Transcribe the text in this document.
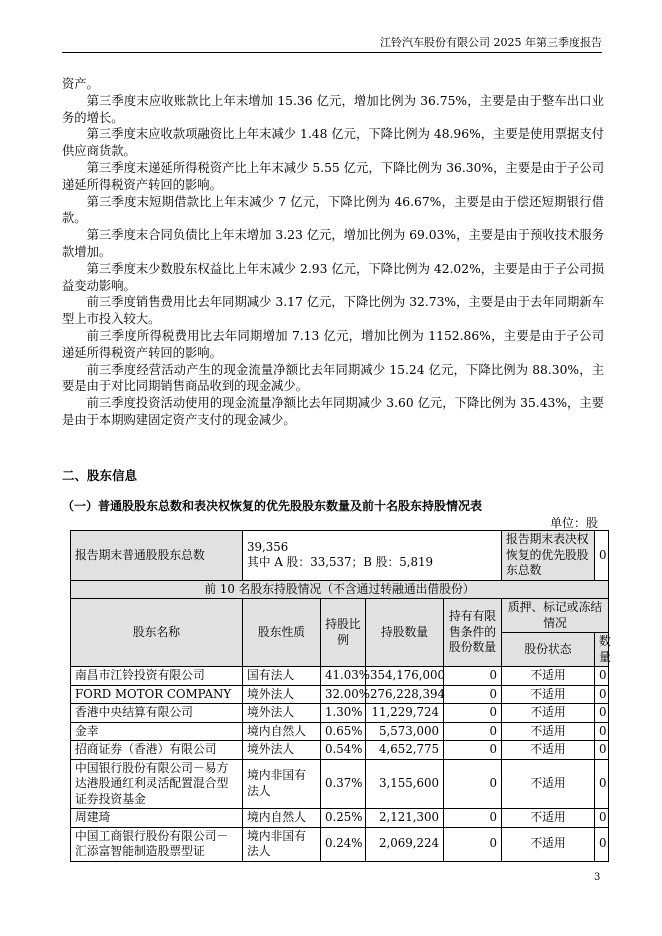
江铃汽车股份有限公司 2025 年第三季度报告

资产。

第三季度末应收账款比上年末增加 15.36 亿元，增加比例为 36.75%，主要是由于整车出口业务的增长。

第三季度末应收款项融资比上年末减少 1.48 亿元，下降比例为 48.96%，主要是使用票据支付供应商货款。

第三季度末递延所得税资产比上年末减少 5.55 亿元，下降比例为 36.30%，主要是由于子公司递延所得税资产转回的影响。

第三季度末短期借款比上年末减少 7 亿元，下降比例为 46.67%，主要是由于偿还短期银行借款。

第三季度末合同负债比上年末增加 3.23 亿元，增加比例为 69.03%，主要是由于预收技术服务款增加。

第三季度末少数股东权益比上年末减少 2.93 亿元，下降比例为 42.02%，主要是由于子公司损益变动影响。

前三季度销售费用比去年同期减少 3.17 亿元，下降比例为 32.73%，主要是由于去年同期新车型上市投入较大。

前三季度所得税费用比去年同期增加 7.13 亿元，增加比例为 1152.86%，主要是由于子公司递延所得税资产转回的影响。

前三季度经营活动产生的现金流量净额比去年同期减少 15.24 亿元，下降比例为 88.30%，主要是由于对比同期销售商品收到的现金减少。

前三季度投资活动使用的现金流量净额比去年同期减少 3.60 亿元，下降比例为 35.43%，主要是由于本期购建固定资产支付的现金减少。

二、股东信息
（一）普通股股东总数和表决权恢复的优先股股东数量及前十名股东持股情况表
单位：股
报告期末普通股股东总数	39,356
其中 A 股：33,537；B 股：5,819				报告期末表决权恢复的优先股股东总数	0
前 10 名股东持股情况（不含通过转融通出借股份）						
股东名称	股东性质	持股比例	持股数量	持有有限售条件的股份数量	质押、标记或冻结情况	
					股份状态	数量
南昌市江铃投资有限公司	国有法人	41.03%	354,176,000	0	不适用	0
FORD MOTOR COMPANY	境外法人	32.00%	276,228,394	0	不适用	0
香港中央结算有限公司	境外法人	1.30%	11,229,724	0	不适用	0
金幸	境内自然人	0.65%	5,573,000	0	不适用	0
招商证券（香港）有限公司	境外法人	0.54%	4,652,775	0	不适用	0
中国银行股份有限公司－易方达港股通红利灵活配置混合型证券投资基金	境内非国有法人	0.37%	3,155,600	0	不适用	0
周建琦	境内自然人	0.25%	2,121,300	0	不适用	0
中国工商银行股份有限公司－汇添富智能制造股票型证	境内非国有法人	0.24%	2,069,224	0	不适用	0
3
